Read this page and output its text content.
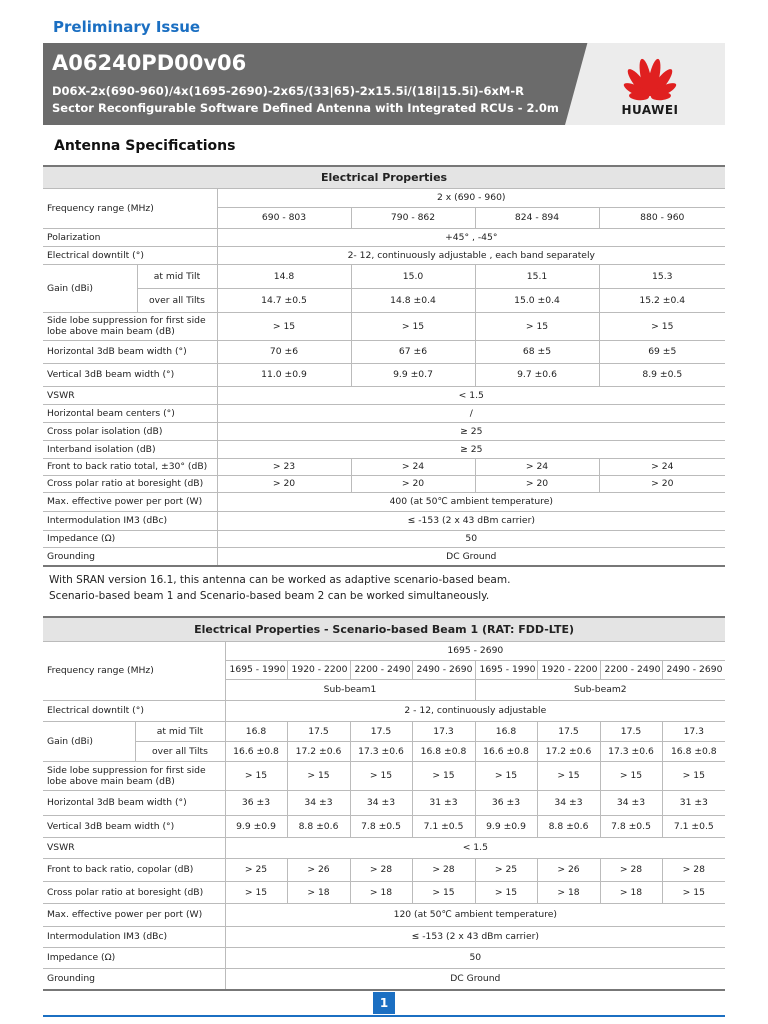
Preliminary Issue
A06240PD00v06
D06X-2x(690-960)/4x(1695-2690)-2x65/(33|65)-2x15.5i/(18i|15.5i)-6xM-R
Sector Reconfigurable Software Defined Antenna with Integrated RCUs - 2.0m	HUAWEI
Antenna Specifications
Electrical Properties					
Frequency range (MHz)		2 x (690 - 960)			
		690 - 803	790 - 862	824 - 894	880 - 960
Polarization		+45° , -45°			
Electrical downtilt (°)		2- 12, continuously adjustable , each band separately			
Gain (dBi)	at mid Tilt	14.8	15.0	15.1	15.3
	over all Tilts	14.7 ±0.5	14.8 ±0.4	15.0 ±0.4	15.2 ±0.4
Side lobe suppression for first side lobe above main beam (dB)		> 15	> 15	> 15	> 15
Horizontal 3dB beam width (°)		70 ±6	67 ±6	68 ±5	69 ±5
Vertical 3dB beam width (°)		11.0 ±0.9	9.9 ±0.7	9.7 ±0.6	8.9 ±0.5
VSWR		< 1.5			
Horizontal beam centers (°)		/			
Cross polar isolation (dB)		≥ 25			
Interband isolation (dB)		≥ 25			
Front to back ratio total, ±30° (dB)		> 23	> 24	> 24	> 24
Cross polar ratio at boresight (dB)		> 20	> 20	> 20	> 20
Max. effective power per port (W)		400 (at 50℃ ambient temperature)			
Intermodulation IM3 (dBc)		≤ -153 (2 x 43 dBm carrier)			
Impedance (Ω)		50			
Grounding		DC Ground			
With SRAN version 16.1, this antenna can be worked as adaptive scenario-based beam.
Scenario-based beam 1 and Scenario-based beam 2 can be worked simultaneously.
Electrical Properties - Scenario-based Beam 1 (RAT: FDD-LTE)									
Frequency range (MHz)		1695 - 2690							
		1695 - 1990	1920 - 2200	2200 - 2490	2490 - 2690	1695 - 1990	1920 - 2200	2200 - 2490	2490 - 2690
		Sub-beam1				Sub-beam2			
Electrical downtilt (°)		2 - 12, continuously adjustable							
Gain (dBi)	at mid Tilt	16.8	17.5	17.5	17.3	16.8	17.5	17.5	17.3
	over all Tilts	16.6 ±0.8	17.2 ±0.6	17.3 ±0.6	16.8 ±0.8	16.6 ±0.8	17.2 ±0.6	17.3 ±0.6	16.8 ±0.8
Side lobe suppression for first side lobe above main beam (dB)		> 15	> 15	> 15	> 15	> 15	> 15	> 15	> 15
Horizontal 3dB beam width (°)		36 ±3	34 ±3	34 ±3	31 ±3	36 ±3	34 ±3	34 ±3	31 ±3
Vertical 3dB beam width (°)		9.9 ±0.9	8.8 ±0.6	7.8 ±0.5	7.1 ±0.5	9.9 ±0.9	8.8 ±0.6	7.8 ±0.5	7.1 ±0.5
VSWR		< 1.5							
Front to back ratio, copolar (dB)		> 25	> 26	> 28	> 28	> 25	> 26	> 28	> 28
Cross polar ratio at boresight (dB)		> 15	> 18	> 18	> 15	> 15	> 18	> 18	> 15
Max. effective power per port (W)		120 (at 50℃ ambient temperature)							
Intermodulation IM3 (dBc)		≤ -153 (2 x 43 dBm carrier)							
Impedance (Ω)		50							
Grounding		DC Ground							
1
